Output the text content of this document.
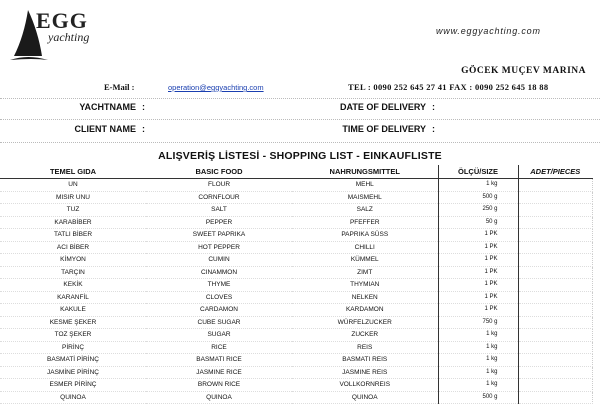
EGG
yachting	www.eggyachting.com
GÖCEK MUÇEV MARINA
E-Mail :	operation@eggyachting.com	TEL : 0090 252 645 27 41 FAX : 0090 252 645 18 88
YACHTNAME :	DATE OF DELIVERY :
CLIENT NAME :	TIME OF DELIVERY :
ALIŞVERİŞ LİSTESİ - SHOPPING LIST - EINKAUFLISTE
TEMEL GIDA	BASIC FOOD	NAHRUNGSMITTEL	ÖLÇÜ/SIZE	ADET/PIECES
UN	FLOUR	MEHL	1 kg	
MISIR UNU	CORNFLOUR	MAISMEHL	500 g	
TUZ	SALT	SALZ	250 g	
KARABİBER	PEPPER	PFEFFER	50 g	
TATLI BİBER	SWEET PAPRIKA	PAPRIKA SÜSS	1 PK	
ACI BİBER	HOT PEPPER	CHILLI	1 PK	
KİMYON	CUMIN	KÜMMEL	1 PK	
TARÇIN	CINAMMON	ZIMT	1 PK	
KEKİK	THYME	THYMIAN	1 PK	
KARANFİL	CLOVES	NELKEN	1 PK	
KAKULE	CARDAMON	KARDAMON	1 PK	
KESME ŞEKER	CUBE SUGAR	WÜRFELZUCKER	750 g	
TOZ ŞEKER	SUGAR	ZUCKER	1 kg	
PİRİNÇ	RICE	REIS	1 kg	
BASMATİ PİRİNÇ	BASMATI RICE	BASMATI REIS	1 kg	
JASMİNE PİRİNÇ	JASMINE RICE	JASMINE REIS	1 kg	
ESMER PİRİNÇ	BROWN RICE	VOLLKORNREIS	1 kg	
QUINOA	QUINOA	QUINOA	500 g	
